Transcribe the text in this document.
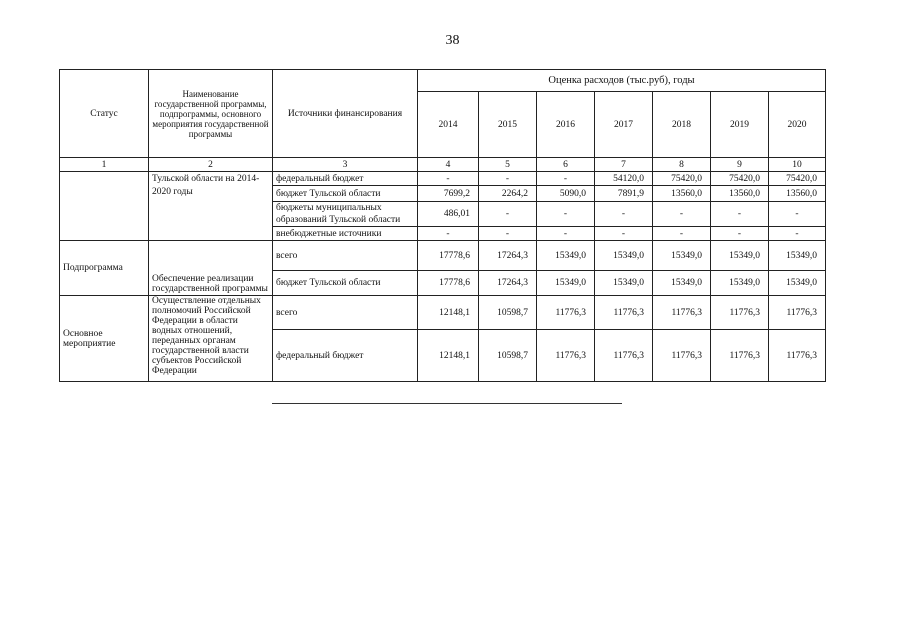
38
Статус	Наименование государственной программы, подпрограммы, основного мероприятия государственной программы	Источники финансирования	Оценка расходов (тыс.руб), годы						
			2014	2015	2016	2017	2018	2019	2020
1	2	3	4	5	6	7	8	9	10
	Тульской области на 2014-2020 годы	федеральный бюджет	-	-	-	54120,0	75420,0	75420,0	75420,0
		бюджет Тульской области	7699,2	2264,2	5090,0	7891,9	13560,0	13560,0	13560,0
		бюджеты муниципальных образований Тульской области	486,01	-	-	-	-	-	-
		внебюджетные источники	-	-	-	-	-	-	-
Подпрограмма	Обеспечение реализации государственной программы	всего	17778,6	17264,3	15349,0	15349,0	15349,0	15349,0	15349,0
		бюджет Тульской области	17778,6	17264,3	15349,0	15349,0	15349,0	15349,0	15349,0
Основное мероприятие	Осуществление отдельных полномочий Российской Федерации в области водных отношений, переданных органам государственной власти субъектов Российской Федерации	всего	12148,1	10598,7	11776,3	11776,3	11776,3	11776,3	11776,3
		федеральный бюджет	12148,1	10598,7	11776,3	11776,3	11776,3	11776,3	11776,3
